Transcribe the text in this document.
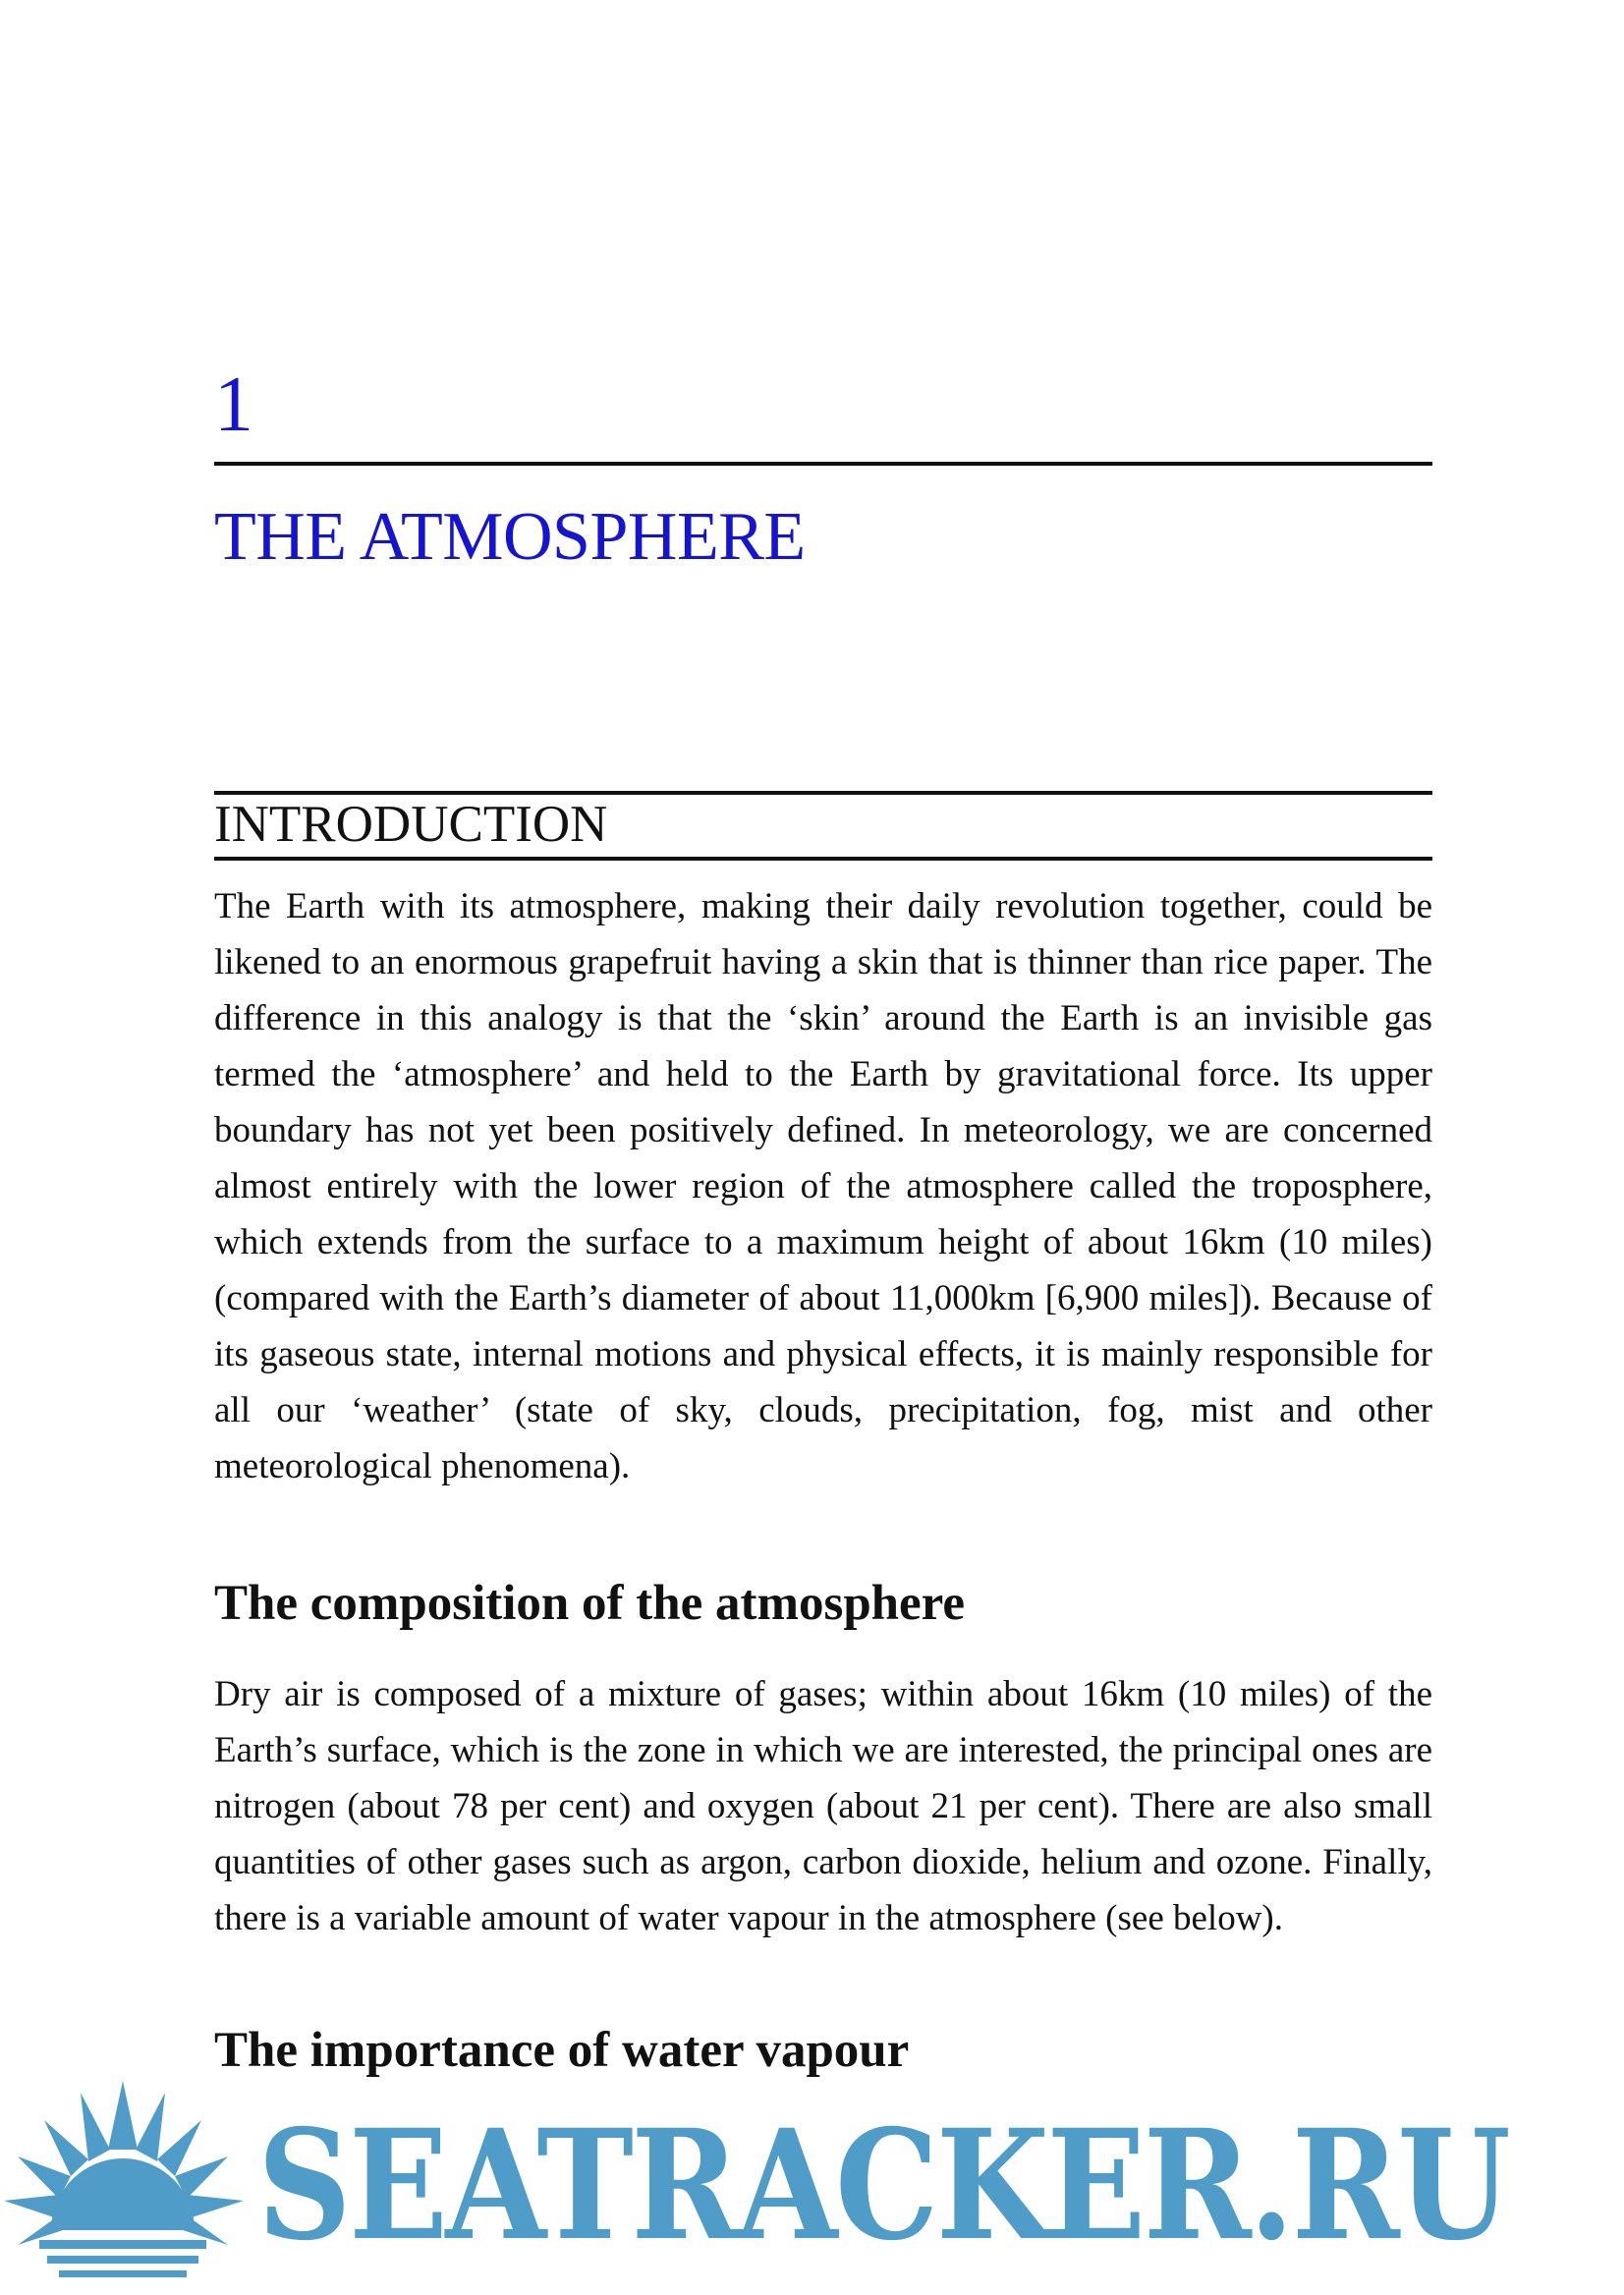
1
THE ATMOSPHERE
INTRODUCTION

The Earth with its atmosphere, making their daily revolution together, could be likened to an enormous grapefruit having a skin that is thinner than rice paper. The difference in this analogy is that the ‘skin’ around the Earth is an invisible gas termed the ‘atmosphere’ and held to the Earth by gravitational force. Its upper boundary has not yet been positively defined. In meteorology, we are concerned almost entirely with the lower region of the atmosphere called the troposphere, which extends from the surface to a maximum height of about 16km (10 miles) (compared with the Earth’s diameter of about 11,000km [6,900 miles]). Because of its gaseous state, internal motions and physical effects, it is mainly responsible for all our ‘weather’ (state of sky, clouds, precipitation, fog, mist and other meteorological phenomena).

The composition of the atmosphere

Dry air is composed of a mixture of gases; within about 16km (10 miles) of the Earth’s surface, which is the zone in which we are interested, the principal ones are nitrogen (about 78 per cent) and oxygen (about 21 per cent). There are also small quantities of other gases such as argon, carbon dioxide, helium and ozone. Finally, there is a variable amount of water vapour in the atmosphere (see below).

The importance of water vapour
SEATRACKER.RU
